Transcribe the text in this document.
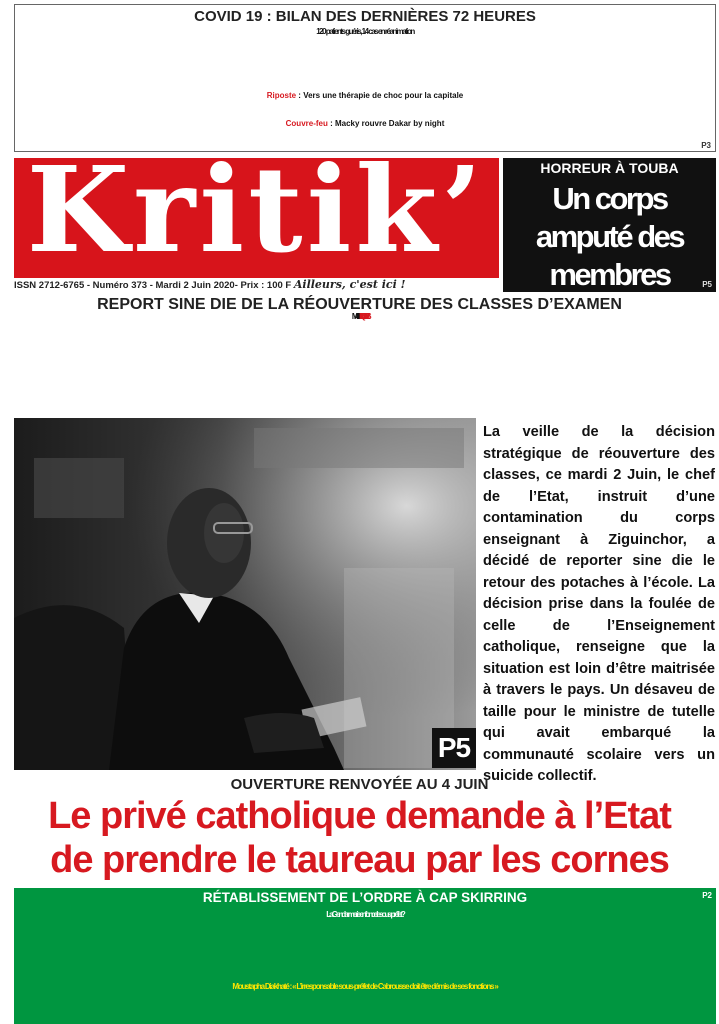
COVID 19 : BILAN DES DERNIÈRES 72 HEURES
120 patients guéris, 14 cas en réanimation
Riposte : Vers une thérapie de choc pour la capitale
Couvre-feu : Macky rouvre Dakar by night
P3
Kritik’
ISSN 2712-6765 - Numéro 373 - Mardi 2 Juin 2020- Prix : 100 F Ailleurs, c'est ici !
HORREUR À TOUBA
Un corps amputé des
membres découvert
P5
REPORT SINE DIE DE LA RÉOUVERTURE DES CLASSES D’EXAMEN
MACKY SALL FREINE DES QUATRE FERS
P5
La veille de la décision stratégique de réouverture des classes, ce mardi 2 Juin, le chef de l’Etat, instruit d’une contamination du corps enseignant à Ziguinchor, a décidé de reporter sine die le retour des potaches à l’école. La décision prise dans la foulée de celle de l’Enseignement catholique, renseigne que la situation est loin d’être maitrisée à travers le pays. Un désaveu de taille pour le ministre de tutelle qui avait embarqué la communauté scolaire vers un suicide collectif.
OUVERTURE RENVOYÉE AU 4 JUIN
Le privé catholique demande à l’Etat
de prendre le taureau par les cornes
RÉTABLISSEMENT DE L’ORDRE À CAP SKIRRING	P2
La Gendarmerie enfonce le sous-préfet ?
Moustapha Diakhaté : « L’irresponsable sous-préfet de Cabrousse doit être démis de ses fonctions »
